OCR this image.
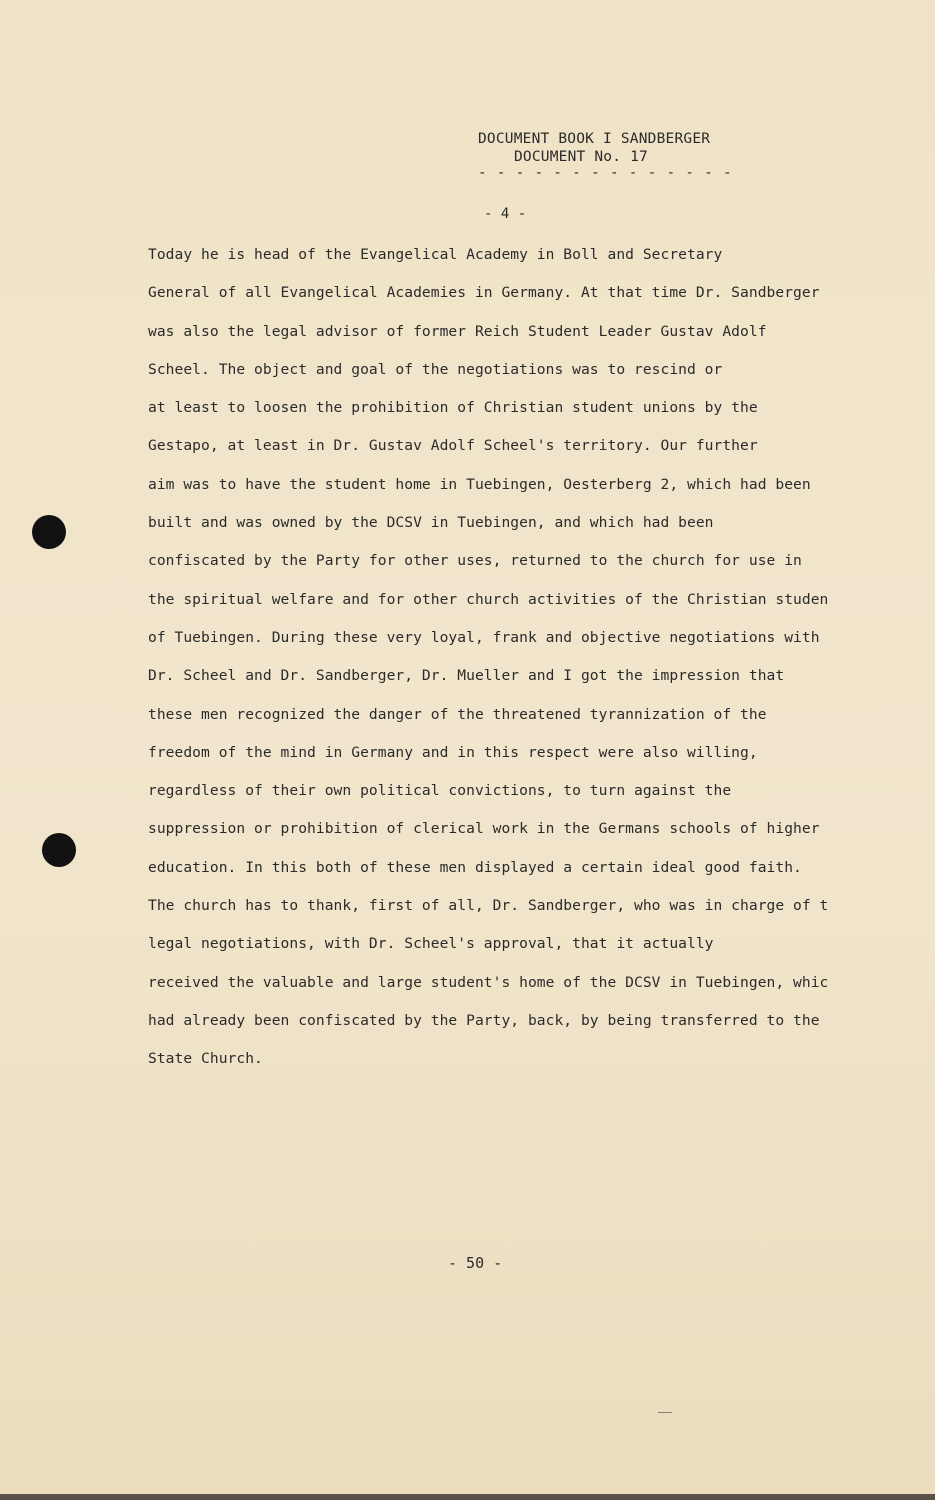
DOCUMENT BOOK I SANDBERGER
DOCUMENT No. 17
- - - - - - - - - - - - - -
- 4 -
Today he is head of the Evangelical Academy in Boll and Secretary
General of all Evangelical Academies in Germany. At that time Dr. Sandberger
was also the legal advisor of former Reich Student Leader Gustav Adolf
Scheel. The object and goal of the negotiations was to rescind or
at least to loosen the prohibition of Christian student unions by the
Gestapo, at least in Dr. Gustav Adolf Scheel's territory. Our further
aim was to have the student home in Tuebingen, Oesterberg 2, which had been
built and was owned by the DCSV in Tuebingen, and which had been
confiscated by the Party for other uses, returned to the church for use in
the spiritual welfare and for other church activities of the Christian studen
of Tuebingen. During these very loyal, frank and objective negotiations with
Dr. Scheel and Dr. Sandberger, Dr. Mueller and I got the impression that
these men recognized the danger of the threatened tyrannization of the
freedom of the mind in Germany and in this respect were also willing,
regardless of their own political convictions, to turn against the
suppression or prohibition of clerical work in the Germans schools of higher
education. In this both of these men displayed a certain ideal good faith.
The church has to thank, first of all, Dr. Sandberger, who was in charge of t
legal negotiations, with Dr. Scheel's approval, that it actually
received the valuable and large student's home of the DCSV in Tuebingen, whic
had already been confiscated by the Party, back, by being transferred to the
State Church.
- 50 -
